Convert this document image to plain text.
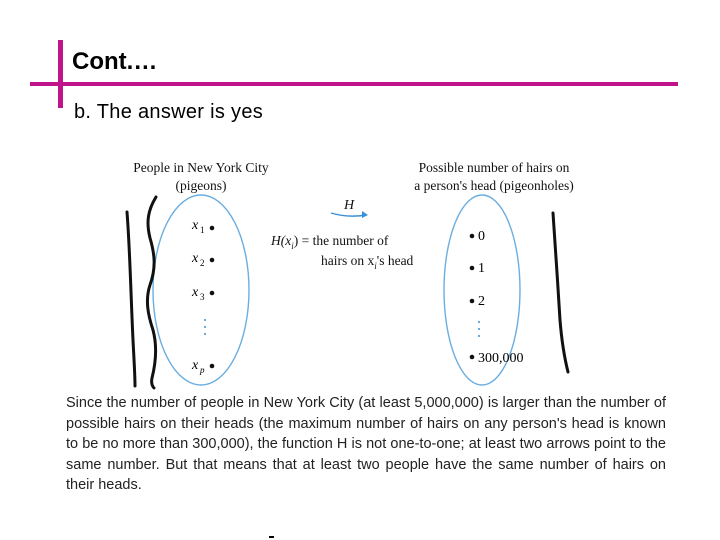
Cont.…
b. The answer is yes
People in New York City
(pigeons)
Possible number of hairs on
a person's head (pigeonholes)
x 1
x 2
x 3
x p
0
1
2
300,000
H
$H(x_i)$ = the number of
hairs on $x_i's$ head
Since the number of people in New York City (at least 5,000,000) is larger than the number of possible hairs on their heads (the maximum number of hairs on any person's head is known to be no more than 300,000), the function H is not one-to-one; at least two arrows point to the same number. But that means that at least two people have the same number of hairs on their heads.
